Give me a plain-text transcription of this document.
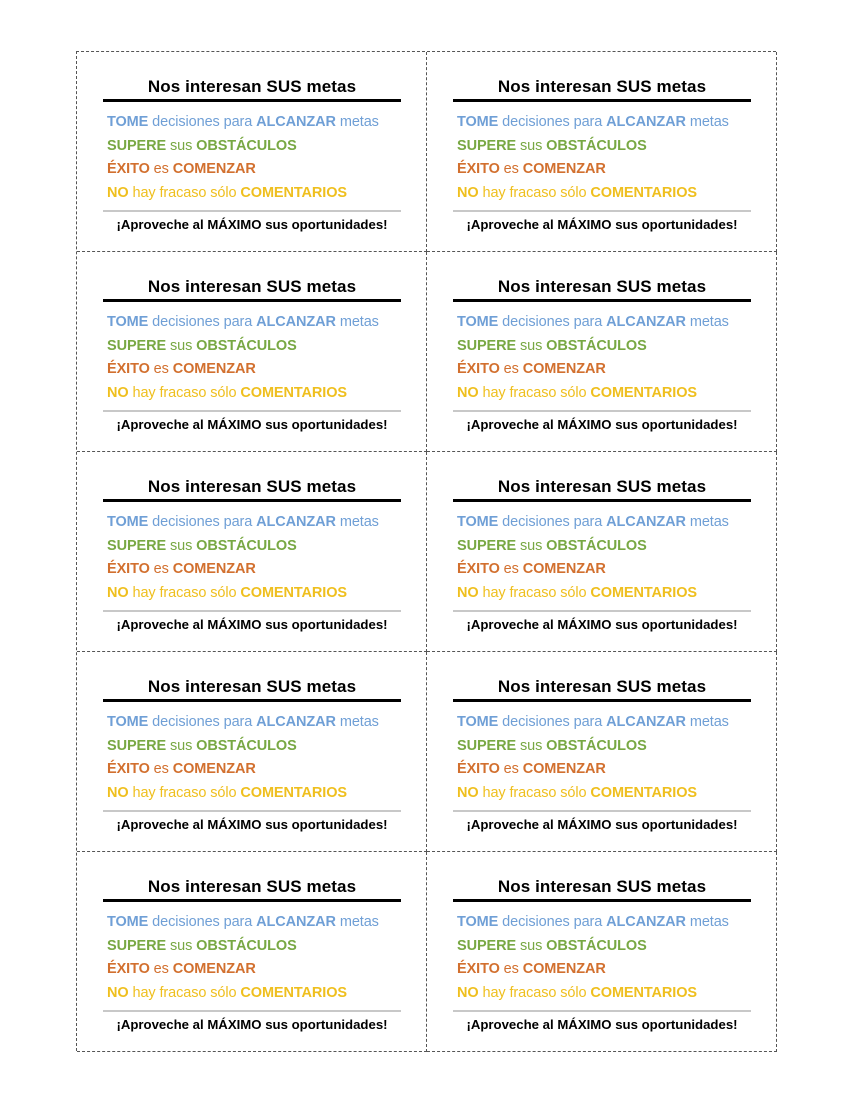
Nos interesan SUS metas
TOME decisiones para ALCANZAR metas
SUPERE sus OBSTÁCULOS
ÉXITO es COMENZAR
NO hay fracaso sólo COMENTARIOS
¡Aproveche al MÁXIMO sus oportunidades!
Nos interesan SUS metas
TOME decisiones para ALCANZAR metas
SUPERE sus OBSTÁCULOS
ÉXITO es COMENZAR
NO hay fracaso sólo COMENTARIOS
¡Aproveche al MÁXIMO sus oportunidades!
Nos interesan SUS metas
TOME decisiones para ALCANZAR metas
SUPERE sus OBSTÁCULOS
ÉXITO es COMENZAR
NO hay fracaso sólo COMENTARIOS
¡Aproveche al MÁXIMO sus oportunidades!
Nos interesan SUS metas
TOME decisiones para ALCANZAR metas
SUPERE sus OBSTÁCULOS
ÉXITO es COMENZAR
NO hay fracaso sólo COMENTARIOS
¡Aproveche al MÁXIMO sus oportunidades!
Nos interesan SUS metas
TOME decisiones para ALCANZAR metas
SUPERE sus OBSTÁCULOS
ÉXITO es COMENZAR
NO hay fracaso sólo COMENTARIOS
¡Aproveche al MÁXIMO sus oportunidades!
Nos interesan SUS metas
TOME decisiones para ALCANZAR metas
SUPERE sus OBSTÁCULOS
ÉXITO es COMENZAR
NO hay fracaso sólo COMENTARIOS
¡Aproveche al MÁXIMO sus oportunidades!
Nos interesan SUS metas
TOME decisiones para ALCANZAR metas
SUPERE sus OBSTÁCULOS
ÉXITO es COMENZAR
NO hay fracaso sólo COMENTARIOS
¡Aproveche al MÁXIMO sus oportunidades!
Nos interesan SUS metas
TOME decisiones para ALCANZAR metas
SUPERE sus OBSTÁCULOS
ÉXITO es COMENZAR
NO hay fracaso sólo COMENTARIOS
¡Aproveche al MÁXIMO sus oportunidades!
Nos interesan SUS metas
TOME decisiones para ALCANZAR metas
SUPERE sus OBSTÁCULOS
ÉXITO es COMENZAR
NO hay fracaso sólo COMENTARIOS
¡Aproveche al MÁXIMO sus oportunidades!
Nos interesan SUS metas
TOME decisiones para ALCANZAR metas
SUPERE sus OBSTÁCULOS
ÉXITO es COMENZAR
NO hay fracaso sólo COMENTARIOS
¡Aproveche al MÁXIMO sus oportunidades!
